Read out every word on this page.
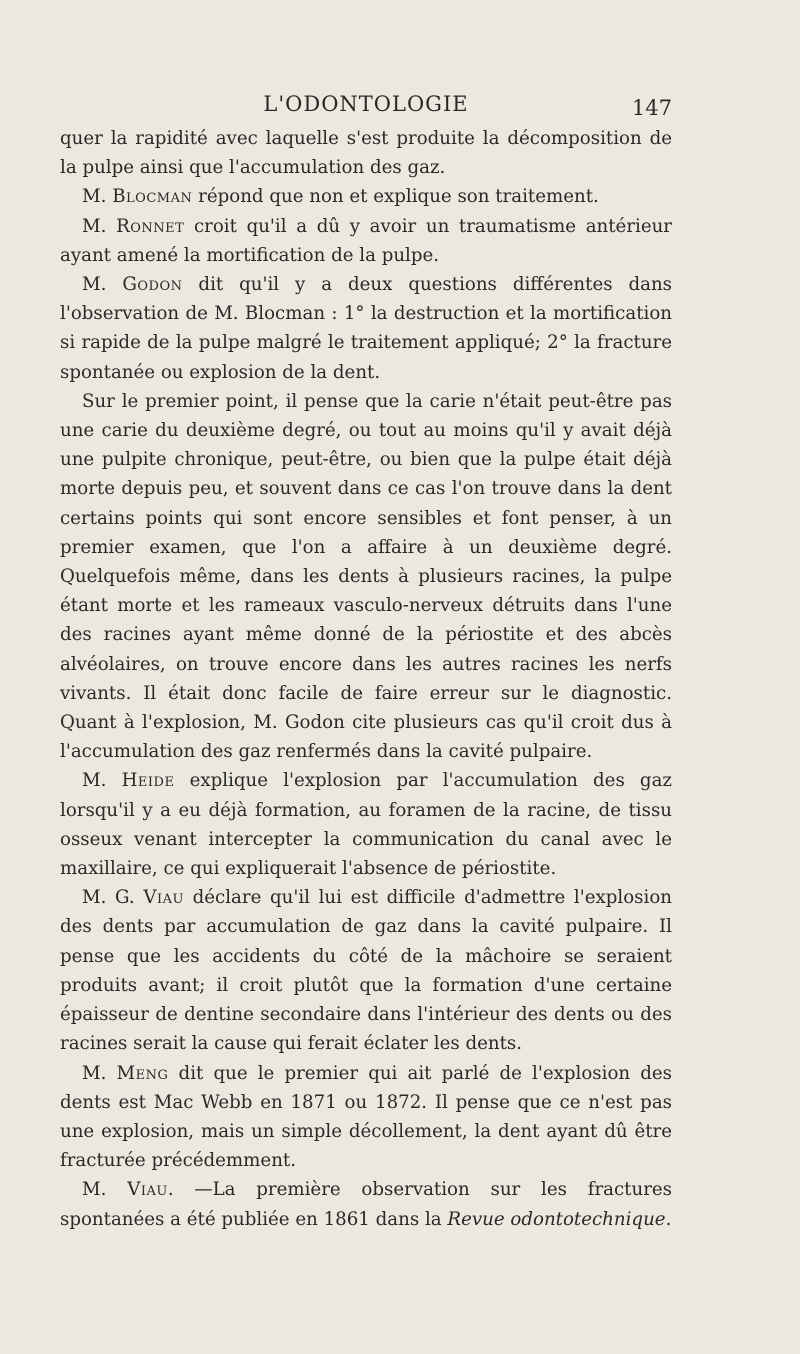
L'ODONTOLOGIE	147

quer la rapidité avec laquelle s'est produite la décomposition de la pulpe ainsi que l'accumulation des gaz.

M. Blocman répond que non et explique son traitement.

M. Ronnet croit qu'il a dû y avoir un traumatisme antérieur ayant amené la mortification de la pulpe.

M. Godon dit qu'il y a deux questions différentes dans l'observation de M. Blocman : 1° la destruction et la mortification si rapide de la pulpe malgré le traitement appliqué; 2° la fracture spontanée ou explosion de la dent.

Sur le premier point, il pense que la carie n'était peut-être pas une carie du deuxième degré, ou tout au moins qu'il y avait déjà une pulpite chronique, peut-être, ou bien que la pulpe était déjà morte depuis peu, et souvent dans ce cas l'on trouve dans la dent certains points qui sont encore sensibles et font penser, à un premier examen, que l'on a affaire à un deuxième degré. Quelquefois même, dans les dents à plusieurs racines, la pulpe étant morte et les rameaux vasculo-nerveux détruits dans l'une des racines ayant même donné de la périostite et des abcès alvéolaires, on trouve encore dans les autres racines les nerfs vivants. Il était donc facile de faire erreur sur le diagnostic. Quant à l'explosion, M. Godon cite plusieurs cas qu'il croit dus à l'accumulation des gaz renfermés dans la cavité pulpaire.

M. Heide explique l'explosion par l'accumulation des gaz lorsqu'il y a eu déjà formation, au foramen de la racine, de tissu osseux venant intercepter la communication du canal avec le maxillaire, ce qui expliquerait l'absence de périostite.

M. G. Viau déclare qu'il lui est difficile d'admettre l'explosion des dents par accumulation de gaz dans la cavité pulpaire. Il pense que les accidents du côté de la mâchoire se seraient produits avant; il croit plutôt que la formation d'une certaine épaisseur de dentine secondaire dans l'intérieur des dents ou des racines serait la cause qui ferait éclater les dents.

M. Meng dit que le premier qui ait parlé de l'explosion des dents est Mac Webb en 1871 ou 1872. Il pense que ce n'est pas une explosion, mais un simple décollement, la dent ayant dû être fracturée précédemment.

M. Viau. —La première observation sur les fractures spontanées a été publiée en 1861 dans la Revue odontotechnique.
